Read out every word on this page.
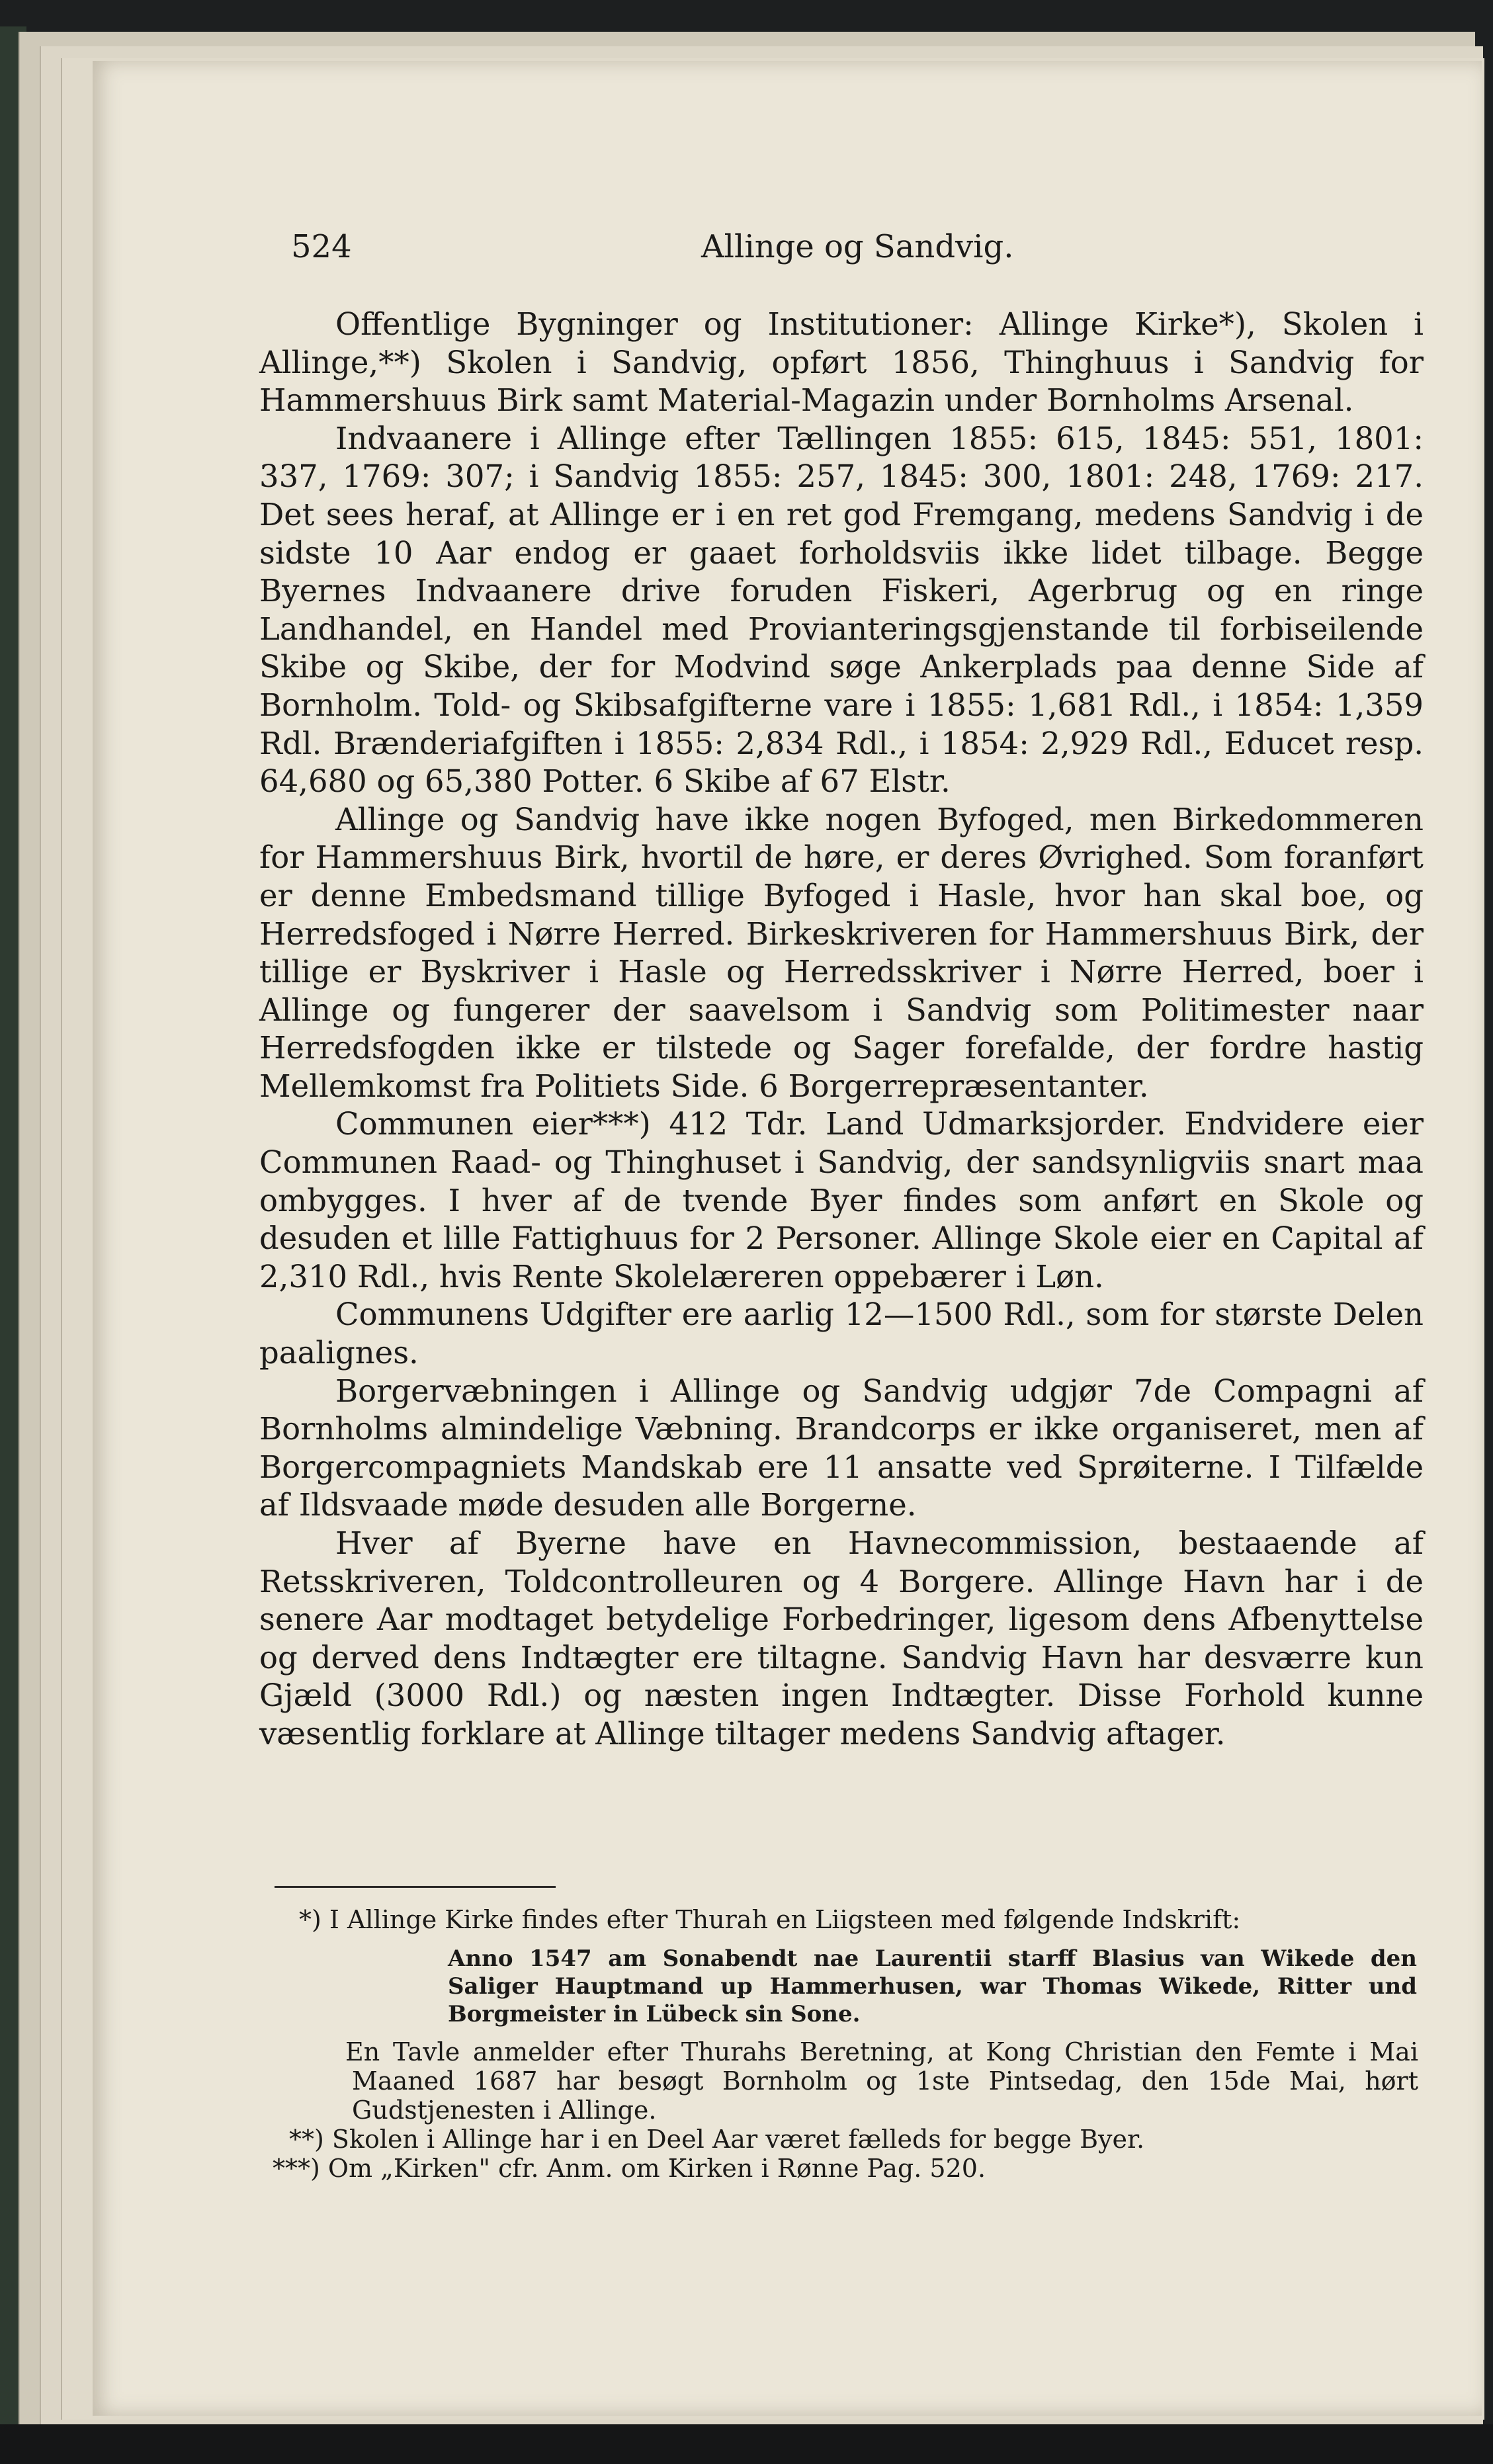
524	Allinge og Sandvig.

Offentlige Bygninger og Institutioner: Allinge Kirke*), Skolen i Allinge,**) Skolen i Sandvig, opført 1856, Thinghuus i Sandvig for Hammershuus Birk samt Material-Magazin under Bornholms Arsenal.

Indvaanere i Allinge efter Tællingen 1855: 615, 1845: 551, 1801: 337, 1769: 307; i Sandvig 1855: 257, 1845: 300, 1801: 248, 1769: 217. Det sees heraf, at Allinge er i en ret god Fremgang, medens Sandvig i de sidste 10 Aar endog er gaaet forholdsviis ikke lidet tilbage. Begge Byernes Indvaanere drive foruden Fiskeri, Agerbrug og en ringe Landhandel, en Handel med Provianteringsgjenstande til forbiseilende Skibe og Skibe, der for Modvind søge Ankerplads paa denne Side af Bornholm. Told- og Skibsafgifterne vare i 1855: 1,681 Rdl., i 1854: 1,359 Rdl. Brænderiafgiften i 1855: 2,834 Rdl., i 1854: 2,929 Rdl., Educet resp. 64,680 og 65,380 Potter. 6 Skibe af 67 Elstr.

Allinge og Sandvig have ikke nogen Byfoged, men Birkedommeren for Hammershuus Birk, hvortil de høre, er deres Øvrighed. Som foranført er denne Embedsmand tillige Byfoged i Hasle, hvor han skal boe, og Herredsfoged i Nørre Herred. Birkeskriveren for Hammershuus Birk, der tillige er Byskriver i Hasle og Herredsskriver i Nørre Herred, boer i Allinge og fungerer der saavelsom i Sandvig som Politimester naar Herredsfogden ikke er tilstede og Sager forefalde, der fordre hastig Mellemkomst fra Politiets Side. 6 Borgerrepræsentanter.

Communen eier***) 412 Tdr. Land Udmarksjorder. Endvidere eier Communen Raad- og Thinghuset i Sandvig, der sandsynligviis snart maa ombygges. I hver af de tvende Byer findes som anført en Skole og desuden et lille Fattighuus for 2 Personer. Allinge Skole eier en Capital af 2,310 Rdl., hvis Rente Skolelæreren oppebærer i Løn.

Communens Udgifter ere aarlig 12—1500 Rdl., som for største Delen paalignes.

Borgervæbningen i Allinge og Sandvig udgjør 7de Compagni af Bornholms almindelige Væbning. Brandcorps er ikke organiseret, men af Borgercompagniets Mandskab ere 11 ansatte ved Sprøiterne. I Tilfælde af Ildsvaade møde desuden alle Borgerne.

Hver af Byerne have en Havnecommission, bestaaende af Retsskriveren, Toldcontrolleuren og 4 Borgere. Allinge Havn har i de senere Aar modtaget betydelige Forbedringer, ligesom dens Afbenyttelse og derved dens Indtægter ere tiltagne. Sandvig Havn har desværre kun Gjæld (3000 Rdl.) og næsten ingen Indtægter. Disse Forhold kunne væsentlig forklare at Allinge tiltager medens Sandvig aftager.

*) I Allinge Kirke findes efter Thurah en Liigsteen med følgende Indskrift:

Anno 1547 am Sonabendt nae Laurentii starff Blasius van Wikede den Saliger Hauptmand up Hammerhusen, war Thomas Wikede, Ritter und Borgmeister in Lübeck sin Sone.

En Tavle anmelder efter Thurahs Beretning, at Kong Christian den Femte i Mai Maaned 1687 har besøgt Bornholm og 1ste Pintsedag, den 15de Mai, hørt Gudstjenesten i Allinge.

**) Skolen i Allinge har i en Deel Aar været fælleds for begge Byer.

***) Om „Kirken" cfr. Anm. om Kirken i Rønne Pag. 520.
